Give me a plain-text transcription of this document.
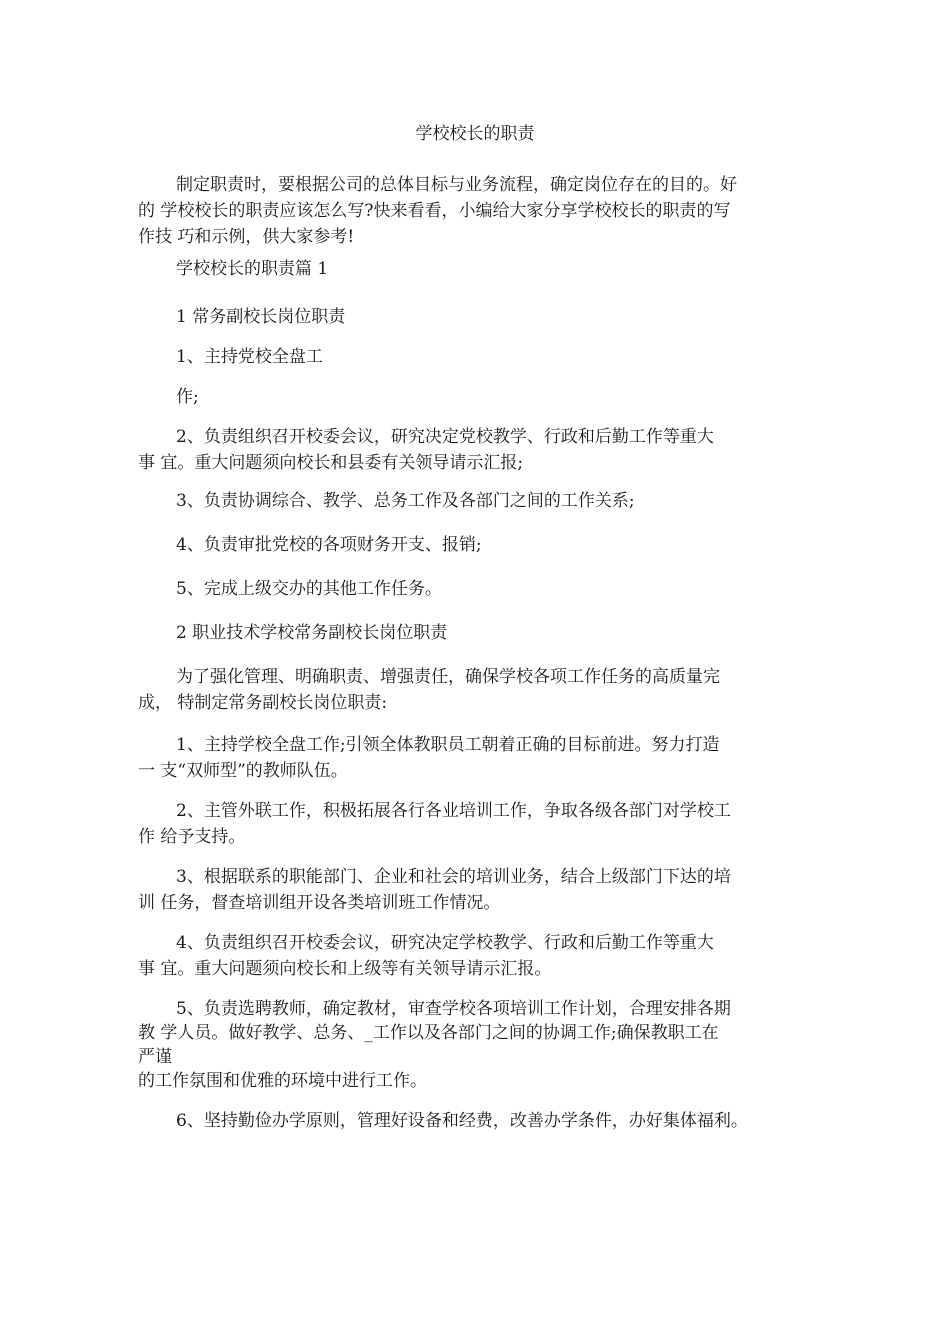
学校校长的职责
制定职责时，要根据公司的总体目标与业务流程，确定岗位存在的目的。好
的 学校校长的职责应该怎么写?快来看看，小编给大家分享学校校长的职责的写
作技 巧和示例，供大家参考!
学校校长的职责篇 1
1 常务副校长岗位职责
1、主持党校全盘工
作;
2、负责组织召开校委会议，研究决定党校教学、行政和后勤工作等重大
事 宜。重大问题须向校长和县委有关领导请示汇报;
3、负责协调综合、教学、总务工作及各部门之间的工作关系;
4、负责审批党校的各项财务开支、报销;
5、完成上级交办的其他工作任务。
2 职业技术学校常务副校长岗位职责
为了强化管理、明确职责、增强责任，确保学校各项工作任务的高质量完
成， 特制定常务副校长岗位职责:
1、主持学校全盘工作;引领全体教职员工朝着正确的目标前进。努力打造
一 支“双师型”的教师队伍。
2、主管外联工作，积极拓展各行各业培训工作，争取各级各部门对学校工
作 给予支持。
3、根据联系的职能部门、企业和社会的培训业务，结合上级部门下达的培
训 任务，督查培训组开设各类培训班工作情况。
4、负责组织召开校委会议，研究决定学校教学、行政和后勤工作等重大
事 宜。重大问题须向校长和上级等有关领导请示汇报。
5、负责选聘教师，确定教材，审查学校各项培训工作计划，合理安排各期
教 学人员。做好教学、总务、_工作以及各部门之间的协调工作;确保教职工在
严谨
的工作氛围和优雅的环境中进行工作。
6、坚持勤俭办学原则，管理好设备和经费，改善办学条件，办好集体福利。
